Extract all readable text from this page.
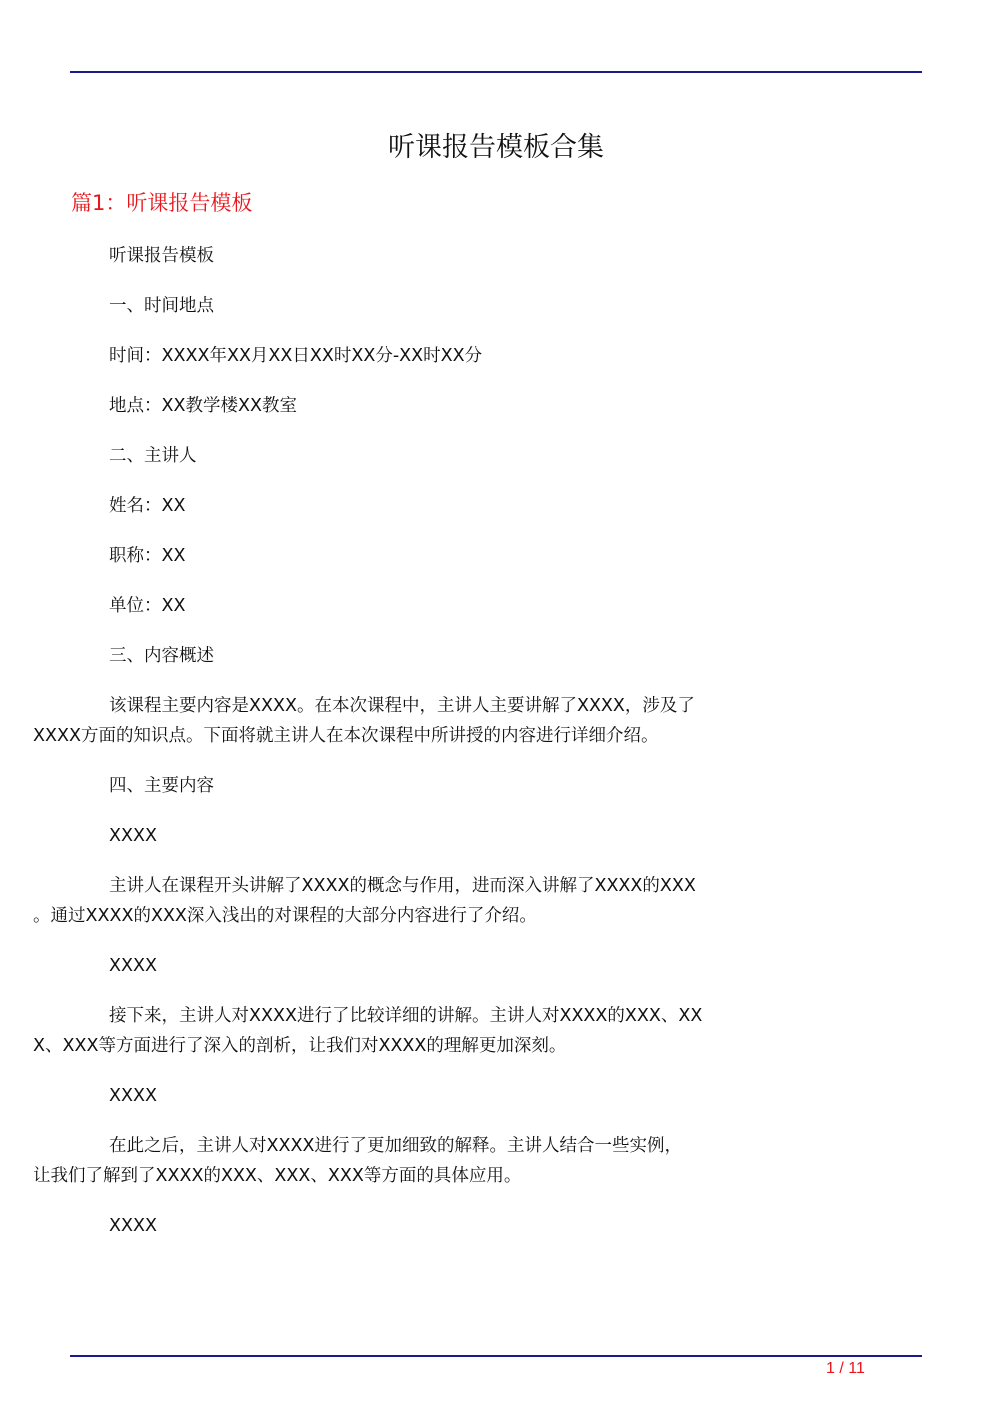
听课报告模板合集
篇1：听课报告模板

听课报告模板

一、时间地点

时间：XXXX年XX月XX日XX时XX分-XX时XX分

地点：XX教学楼XX教室

二、主讲人

姓名：XX

职称：XX

单位：XX

三、内容概述

该课程主要内容是XXXX。在本次课程中，主讲人主要讲解了XXXX，涉及了
XXXX方面的知识点。下面将就主讲人在本次课程中所讲授的内容进行详细介绍。

四、主要内容

XXXX

主讲人在课程开头讲解了XXXX的概念与作用，进而深入讲解了XXXX的XXX
。通过XXXX的XXX深入浅出的对课程的大部分内容进行了介绍。

XXXX

接下来，主讲人对XXXX进行了比较详细的讲解。主讲人对XXXX的XXX、XX
X、XXX等方面进行了深入的剖析，让我们对XXXX的理解更加深刻。

XXXX

在此之后，主讲人对XXXX进行了更加细致的解释。主讲人结合一些实例，
让我们了解到了XXXX的XXX、XXX、XXX等方面的具体应用。

XXXX

1 / 11
